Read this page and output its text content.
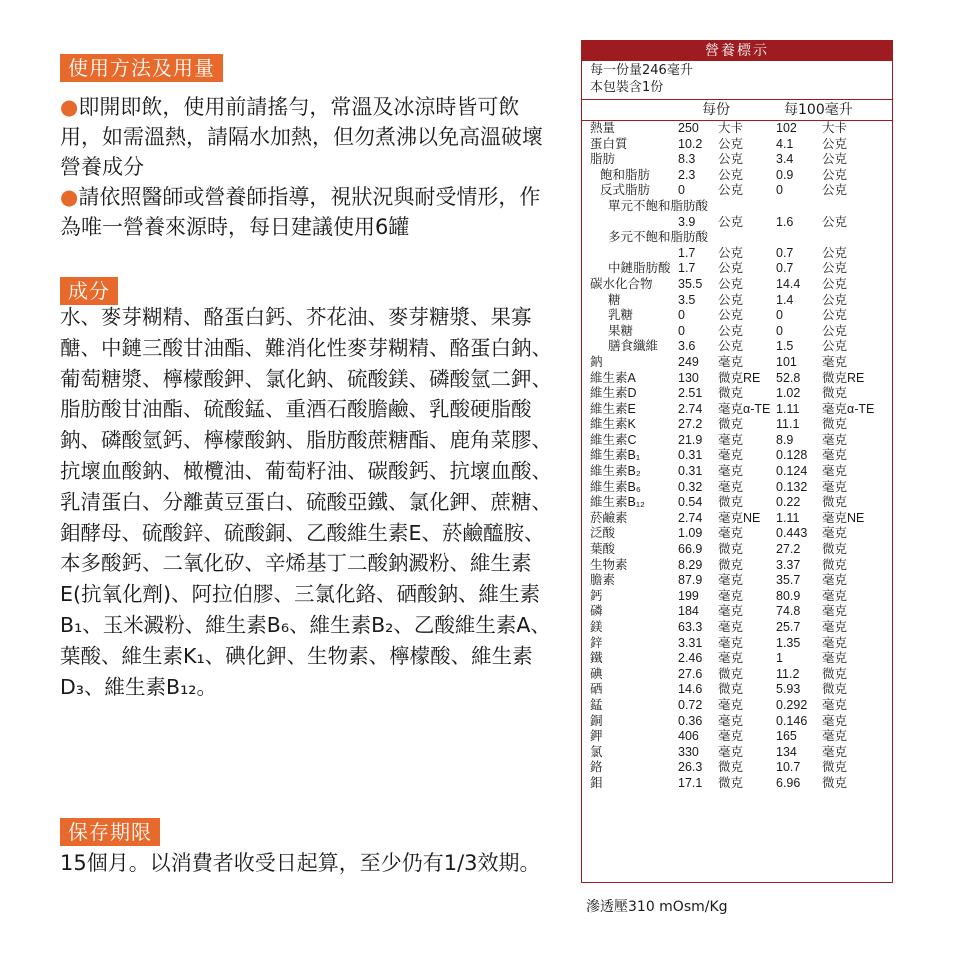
使用方法及用量

●即開即飲，使用前請搖勻，常溫及冰涼時皆可飲用，如需溫熱，請隔水加熱，但勿煮沸以免高溫破壞營養成分

●請依照醫師或營養師指導，視狀況與耐受情形，作為唯一營養來源時，每日建議使用6罐

成分
水、麥芽糊精、酪蛋白鈣、芥花油、麥芽糖漿、果寡醣、中鏈三酸甘油酯、難消化性麥芽糊精、酪蛋白鈉、葡萄糖漿、檸檬酸鉀、氯化鈉、硫酸鎂、磷酸氫二鉀、脂肪酸甘油酯、硫酸錳、重酒石酸膽鹼、乳酸硬脂酸鈉、磷酸氫鈣、檸檬酸鈉、脂肪酸蔗糖酯、鹿角菜膠、抗壞血酸鈉、橄欖油、葡萄籽油、碳酸鈣、抗壞血酸、乳清蛋白、分離黃豆蛋白、硫酸亞鐵、氯化鉀、蔗糖、鉬酵母、硫酸鋅、硫酸銅、乙酸維生素E、菸鹼醯胺、本多酸鈣、二氧化矽、辛烯基丁二酸鈉澱粉、維生素E(抗氧化劑)、阿拉伯膠、三氯化鉻、硒酸鈉、維生素B₁、玉米澱粉、維生素B₆、維生素B₂、乙酸維生素A、葉酸、維生素K₁、碘化鉀、生物素、檸檬酸、維生素D₃、維生素B₁₂。
保存期限
15個月。以消費者收受日起算，至少仍有1/3效期。
營養標示
每一份量246毫升
本包裝含1份
每份	每100毫升
熱量	250 大卡	102 大卡
蛋白質	10.2 公克	4.1 公克
脂肪	8.3 公克	3.4 公克
飽和脂肪 2.3 公克	0.9 公克
反式脂肪 0	公克	0	公克
單元不飽和脂肪酸
3.9 公克	1.6 公克
多元不飽和脂肪酸
1.7 公克	0.7 公克
中鏈脂肪酸 1.7 公克	0.7 公克
碳水化合物 35.5 公克	14.4 公克
糖	3.5 公克	1.4 公克
乳糖	0	公克	0	公克
果糖	0	公克	0	公克
膳食纖維 3.6 公克	1.5 公克
鈉	249 毫克	101 毫克
維生素A	130 微克RE 52.8 微克RE
維生素D	2.51 微克	1.02 微克
維生素E	2.74 毫克α-TE 1.11 毫克α-TE
維生素K	27.2 微克	11.1 微克
維生素C	21.9 毫克	8.9 毫克
維生素B₁	0.31 毫克	0.128 毫克
維生素B₂	0.31 毫克	0.124 毫克
維生素B₆	0.32 毫克	0.132 毫克
維生素B₁₂	0.54 微克	0.22 微克
菸鹼素	2.74 毫克NE 1.11 毫克NE
泛酸	1.09 毫克	0.443 毫克
葉酸	66.9 微克	27.2 微克
生物素	8.29 微克	3.37 微克
膽素	87.9 毫克	35.7 毫克
鈣	199 毫克	80.9 毫克
磷	184 毫克	74.8 毫克
鎂	63.3 毫克	25.7 毫克
鋅	3.31 毫克	1.35 毫克
鐵	2.46 毫克	1	毫克
碘	27.6 微克	11.2 微克
硒	14.6 微克	5.93 微克
錳	0.72 毫克	0.292 毫克
銅	0.36 毫克	0.146 毫克
鉀	406 毫克	165 毫克
氯	330 毫克	134 毫克
鉻	26.3 微克	10.7 微克
鉬	17.1 微克	6.96 微克
滲透壓310 mOsm/Kg
